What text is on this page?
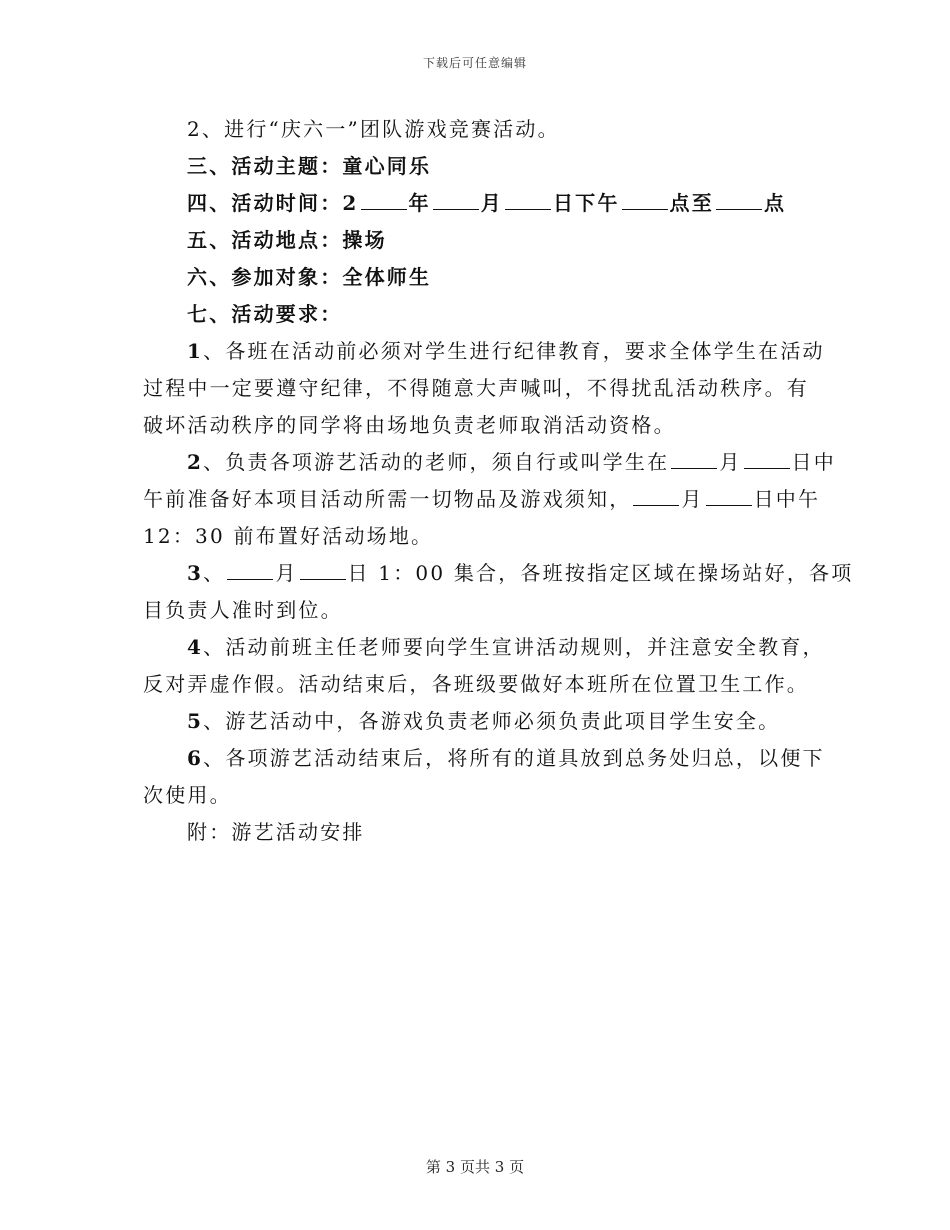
下载后可任意编辑

2、进行“庆六一”团队游戏竞赛活动。

三、活动主题：童心同乐

四、活动时间：2	年	月	日下午	点至	点

五、活动地点：操场

六、参加对象：全体师生

七、活动要求：

1、各班在活动前必须对学生进行纪律教育，要求全体学生在活动

过程中一定要遵守纪律，不得随意大声喊叫，不得扰乱活动秩序。有

破坏活动秩序的同学将由场地负责老师取消活动资格。

2、负责各项游艺活动的老师，须自行或叫学生在	月	日中

午前准备好本项目活动所需一切物品及游戏须知，	月	日中午

12：30 前布置好活动场地。

3、	月	日 1：00 集合，各班按指定区域在操场站好，各项

目负责人准时到位。

4、活动前班主任老师要向学生宣讲活动规则，并注意安全教育，

反对弄虚作假。活动结束后，各班级要做好本班所在位置卫生工作。

5、游艺活动中，各游戏负责老师必须负责此项目学生安全。

6、各项游艺活动结束后，将所有的道具放到总务处归总，以便下

次使用。

附：游艺活动安排

第 3 页共 3 页
